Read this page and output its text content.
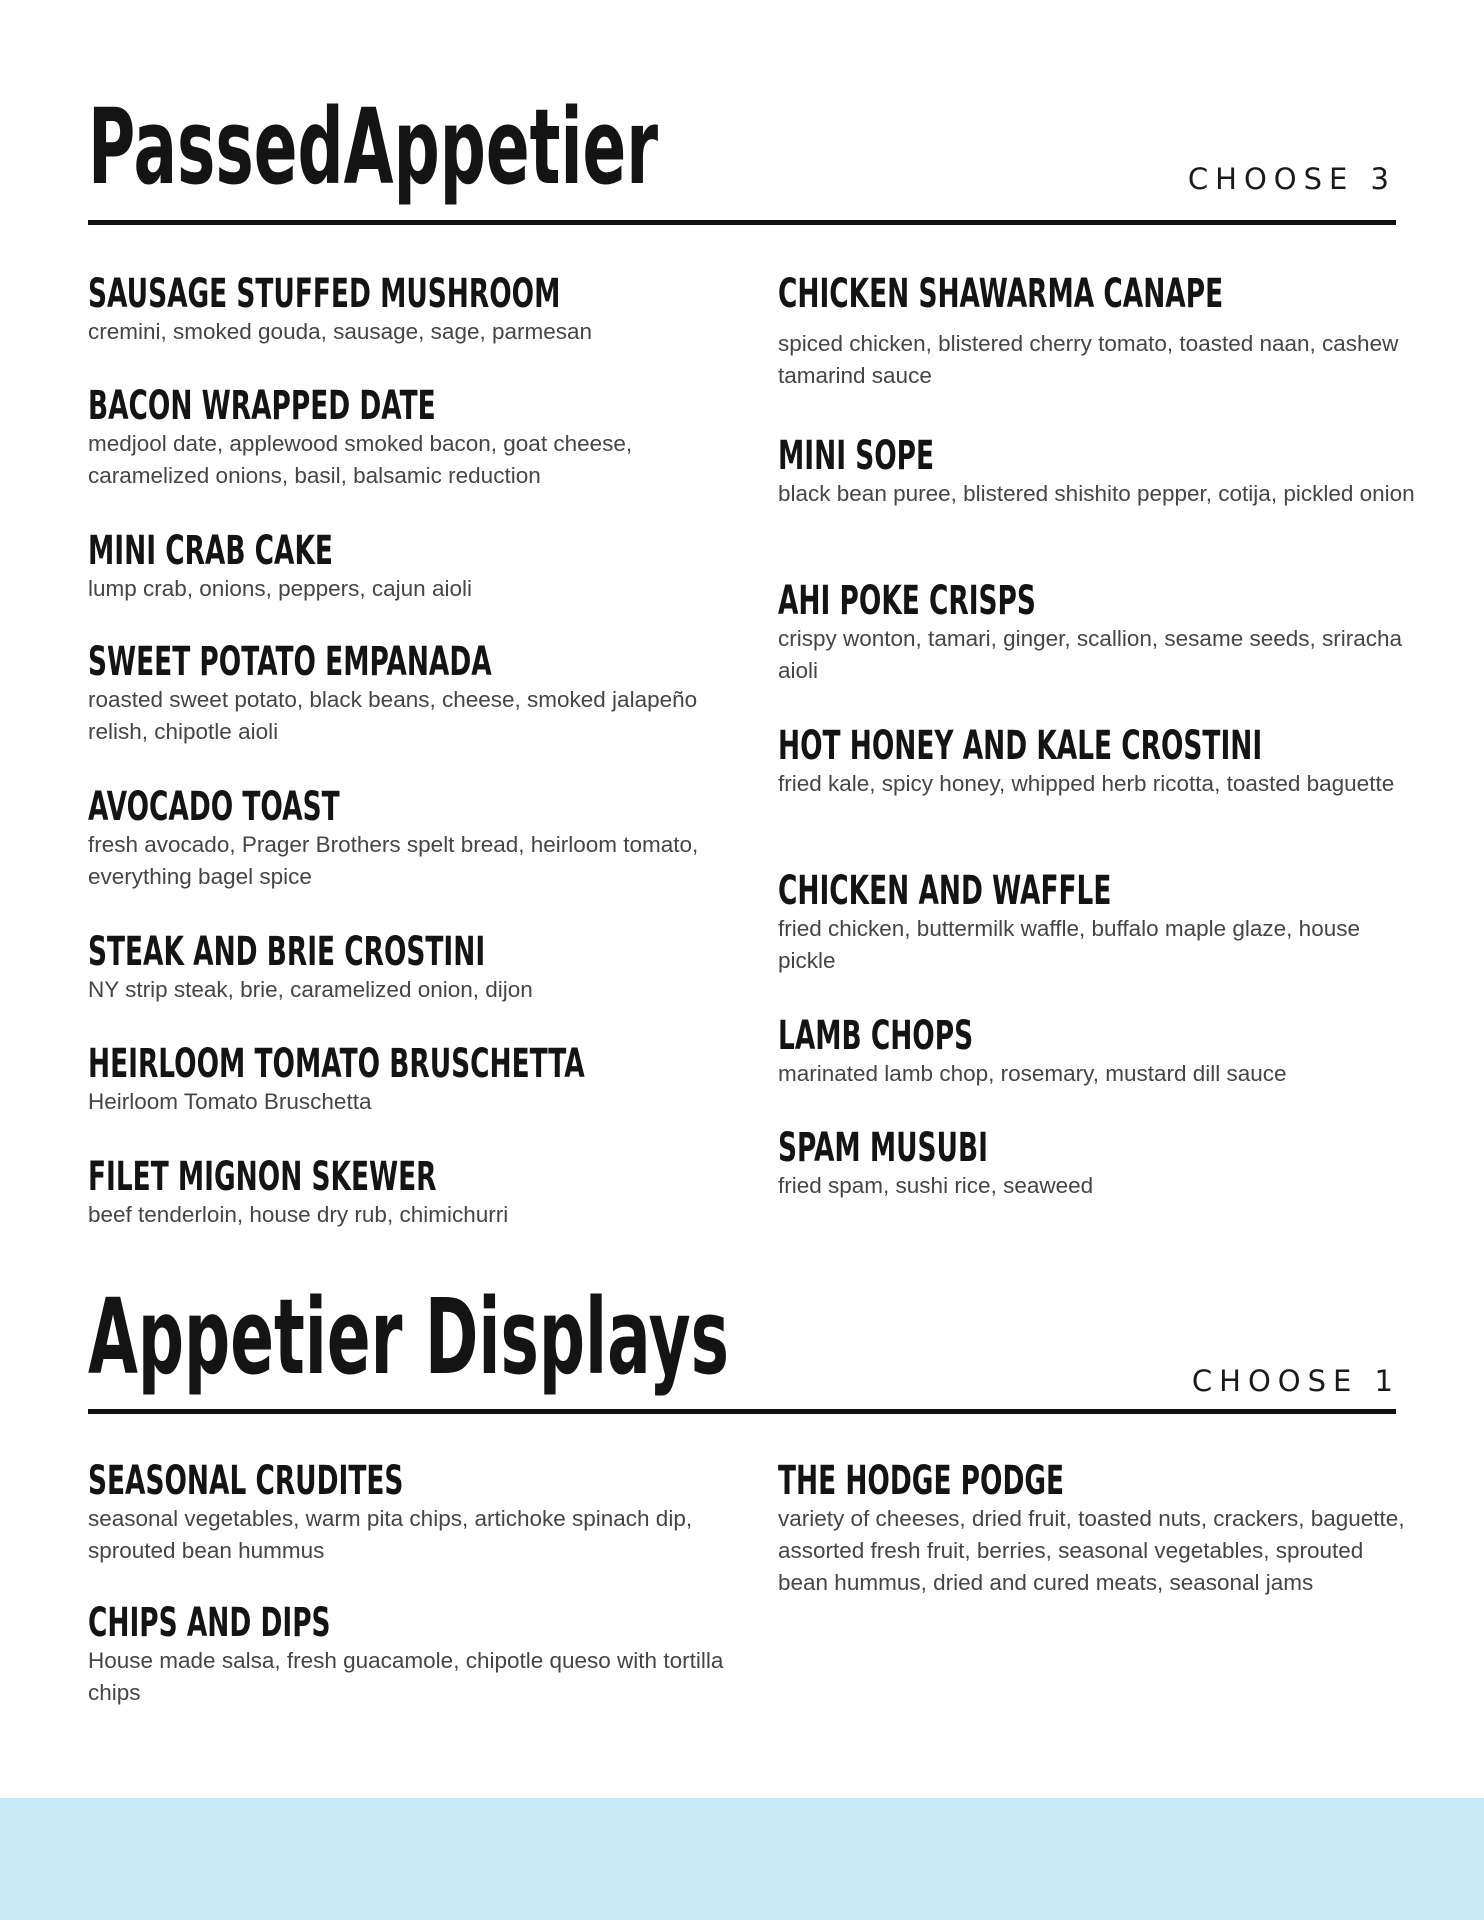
PassedAppetier	CHOOSE 3
SAUSAGE STUFFED MUSHROOM
cremini, smoked gouda, sausage, sage, parmesan
BACON WRAPPED DATE
medjool date, applewood smoked bacon, goat cheese, caramelized onions, basil, balsamic reduction
MINI CRAB CAKE
lump crab, onions, peppers, cajun aioli
SWEET POTATO EMPANADA
roasted sweet potato, black beans, cheese, smoked jalapeño relish, chipotle aioli
AVOCADO TOAST
fresh avocado, Prager Brothers spelt bread, heirloom tomato, everything bagel spice
STEAK AND BRIE CROSTINI
NY strip steak, brie, caramelized onion, dijon
HEIRLOOM TOMATO BRUSCHETTA
Heirloom Tomato Bruschetta
FILET MIGNON SKEWER
beef tenderloin, house dry rub, chimichurri
CHICKEN SHAWARMA CANAPE
spiced chicken, blistered cherry tomato, toasted naan, cashew tamarind sauce
MINI SOPE
black bean puree, blistered shishito pepper, cotija, pickled onion
AHI POKE CRISPS
crispy wonton, tamari, ginger, scallion, sesame seeds, sriracha aioli
HOT HONEY AND KALE CROSTINI
fried kale, spicy honey, whipped herb ricotta, toasted baguette
CHICKEN AND WAFFLE
fried chicken, buttermilk waffle, buffalo maple glaze, house pickle
LAMB CHOPS
marinated lamb chop, rosemary, mustard dill sauce
SPAM MUSUBI
fried spam, sushi rice, seaweed
Appetier Displays	CHOOSE 1
SEASONAL CRUDITES
seasonal vegetables, warm pita chips, artichoke spinach dip, sprouted bean hummus
CHIPS AND DIPS
House made salsa, fresh guacamole, chipotle queso with tortilla chips
THE HODGE PODGE
variety of cheeses, dried fruit, toasted nuts, crackers, baguette, assorted fresh fruit, berries, seasonal vegetables, sprouted bean hummus, dried and cured meats, seasonal jams
